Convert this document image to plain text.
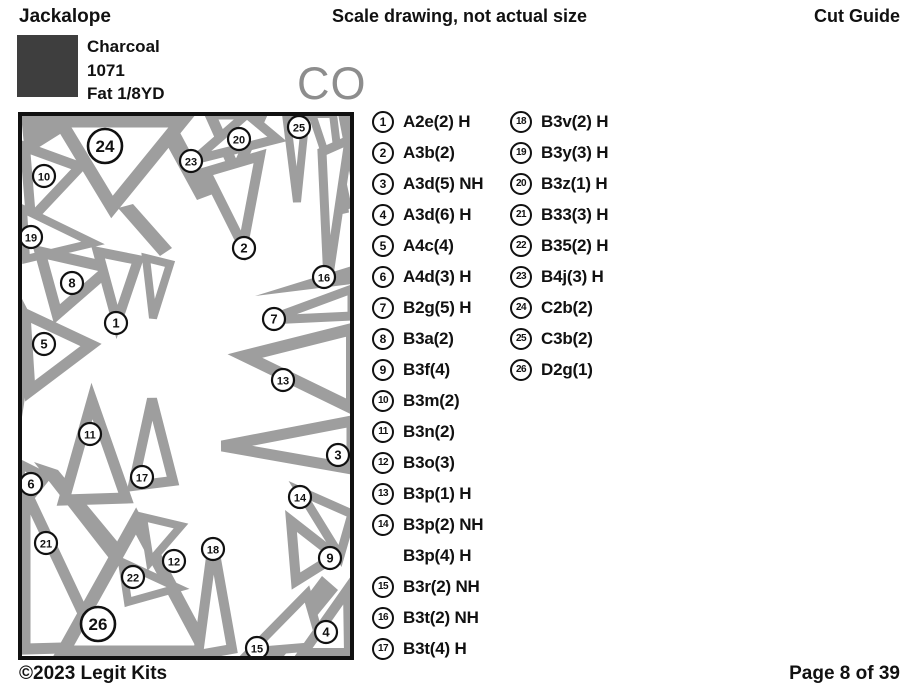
Jackalope	Scale drawing, not actual size	Cut Guide
Charcoal
1071
Fat 1/8YD	CO
1
2
3
4
5
6
7
8
9
10
11
12
13
14
15
16
17
18
19
20
21
22
23
24
25
26
1 A2e(2) H
2 A3b(2)
3 A3d(5) NH
4 A3d(6) H
5 A4c(4)
6 A4d(3) H
7 B2g(5) H
8 B3a(2)
9 B3f(4)
10 B3m(2)
11 B3n(2)
12 B3o(3)
13 B3p(1) H
14 B3p(2) NH
B3p(4) H
15 B3r(2) NH
16 B3t(2) NH
17 B3t(4) H
18 B3v(2) H
19 B3y(3) H
20 B3z(1) H
21 B33(3) H
22 B35(2) H
23 B4j(3) H
24 C2b(2)
25 C3b(2)
26 D2g(1)
©2023 Legit Kits	Page 8 of 39
